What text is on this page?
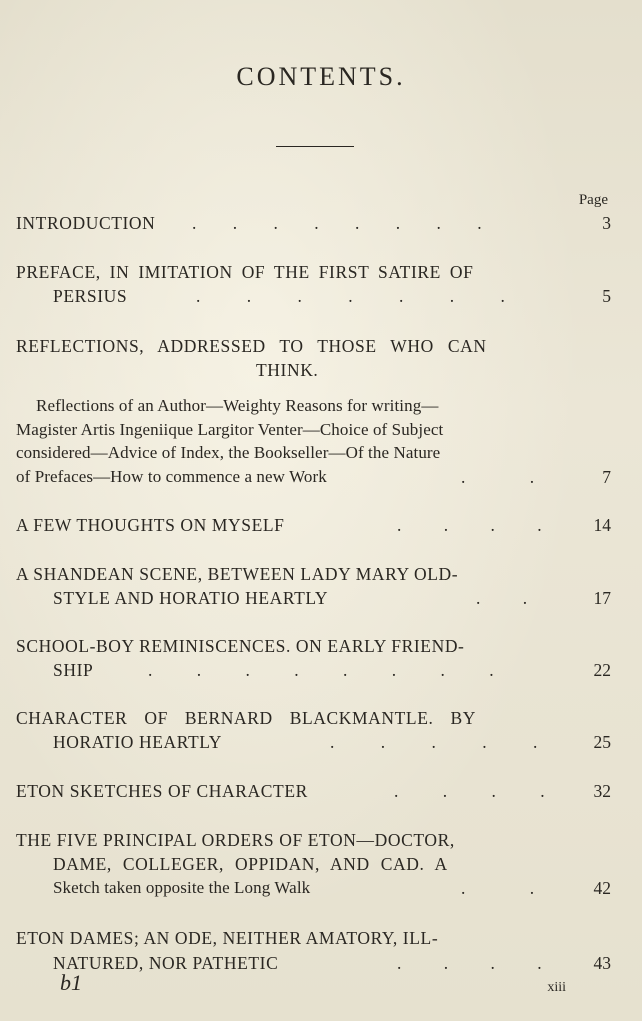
CONTENTS.
Page
INTRODUCTION . . . . . . . .	3
PREFACE, IN IMITATION OF THE FIRST SATIRE OF
PERSIUS	. . . . . . .	5
REFLECTIONS, ADDRESSED TO THOSE WHO CAN
THINK.
Reflections of an Author—Weighty Reasons for writing—
Magister Artis Ingeniique Largitor Venter—Choice of Subject
considered—Advice of Index, the Bookseller—Of the Nature
of Prefaces—How to commence a new Work	. .	7
A FEW THOUGHTS ON MYSELF	. . . .	14
A SHANDEAN SCENE, BETWEEN LADY MARY OLD-
STYLE AND HORATIO HEARTLY	. .	17
SCHOOL-BOY REMINISCENCES. ON EARLY FRIEND-
SHIP	. . . . . . . .	22
CHARACTER OF BERNARD BLACKMANTLE. BY
HORATIO HEARTLY	. . . . .	25
ETON SKETCHES OF CHARACTER	. . . .	32
THE FIVE PRINCIPAL ORDERS OF ETON—DOCTOR,
DAME, COLLEGER, OPPIDAN, AND CAD. A
Sketch taken opposite the Long Walk	. .	42
ETON DAMES; AN ODE, NEITHER AMATORY, ILL-
NATURED, NOR PATHETIC	. . . .	43
b1	xiii
